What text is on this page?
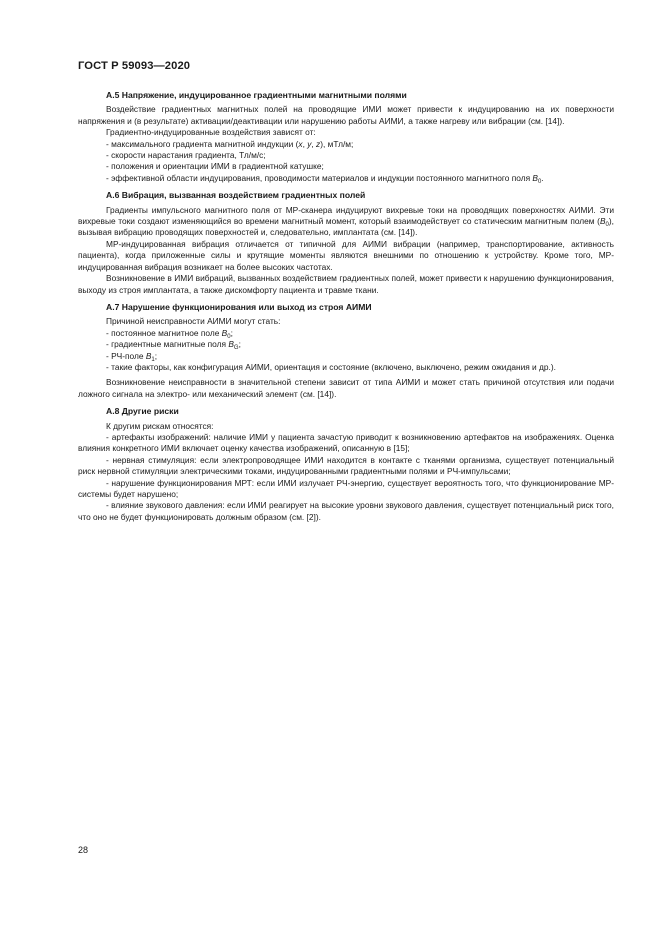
ГОСТ Р 59093—2020
А.5 Напряжение, индуцированное градиентными магнитными полями

Воздействие градиентных магнитных полей на проводящие ИМИ может привести к индуцированию на их поверхности напряжения и (в результате) активации/деактивации или нарушению работы АИМИ, а также нагреву или вибрации (см. [14]).

Градиентно-индуцированные воздействия зависят от:

- максимального градиента магнитной индукции (x, y, z), мТл/м;

- скорости нарастания градиента, Тл/м/с;

- положения и ориентации ИМИ в градиентной катушке;

- эффективной области индуцирования, проводимости материалов и индукции постоянного магнитного поля $B_0$.

А.6 Вибрация, вызванная воздействием градиентных полей

Градиенты импульсного магнитного поля от МР-сканера индуцируют вихревые токи на проводящих поверхностях АИМИ. Эти вихревые токи создают изменяющийся во времени магнитный момент, который взаимодействует со статическим магнитным полем $(B_0)$, вызывая вибрацию проводящих поверхностей и, следовательно, имплантата (см. [14]).

МР-индуцированная вибрация отличается от типичной для АИМИ вибрации (например, транспортирование, активность пациента), когда приложенные силы и крутящие моменты являются внешними по отношению к устройству. Кроме того, МР-индуцированная вибрация возникает на более высоких частотах.

Возникновение в ИМИ вибраций, вызванных воздействием градиентных полей, может привести к нарушению функционирования, выходу из строя имплантата, а также дискомфорту пациента и травме ткани.

А.7 Нарушение функционирования или выход из строя АИМИ

Причиной неисправности АИМИ могут стать:

- постоянное магнитное поле $B_0$;

- градиентные магнитные поля $B_G$;

- РЧ-поле $B_1$;

- такие факторы, как конфигурация АИМИ, ориентация и состояние (включено, выключено, режим ожидания и др.).

Возникновение неисправности в значительной степени зависит от типа АИМИ и может стать причиной отсутствия или подачи ложного сигнала на электро- или механический элемент (см. [14]).

А.8 Другие риски

К другим рискам относятся:

- артефакты изображений: наличие ИМИ у пациента зачастую приводит к возникновению артефактов на изображениях. Оценка влияния конкретного ИМИ включает оценку качества изображений, описанную в [15];

- нервная стимуляция: если электропроводящее ИМИ находится в контакте с тканями организма, существует потенциальный риск нервной стимуляции электрическими токами, индуцированными градиентными полями и РЧ-импульсами;

- нарушение функционирования МРТ: если ИМИ излучает РЧ-энергию, существует вероятность того, что функционирование МР-системы будет нарушено;

- влияние звукового давления: если ИМИ реагирует на высокие уровни звукового давления, существует потенциальный риск того, что оно не будет функционировать должным образом (см. [2]).

28
